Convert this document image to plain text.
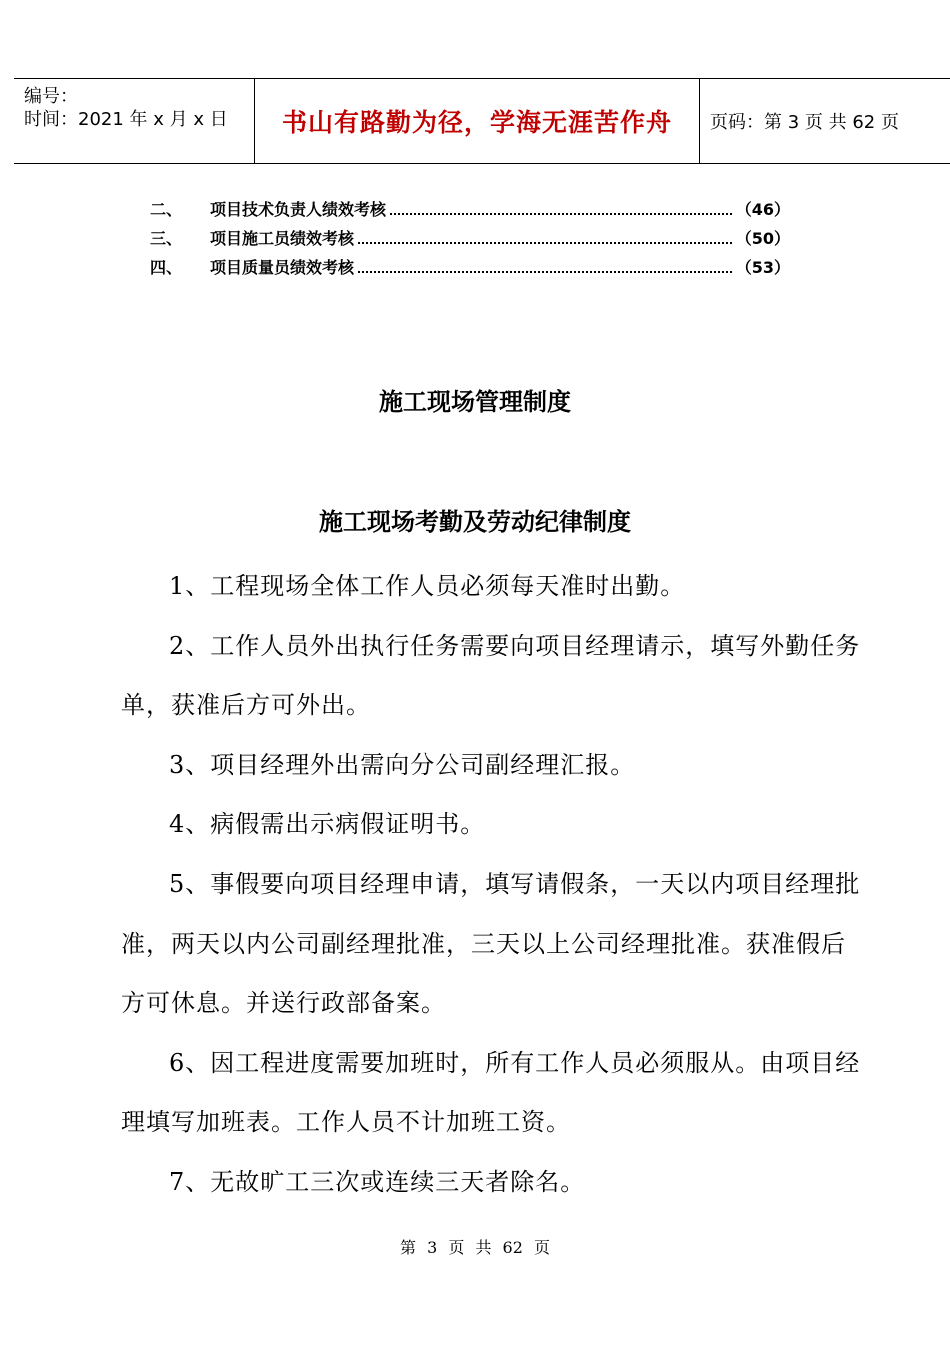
编号：
时间：2021 年 x 月 x 日	书山有路勤为径，学海无涯苦作舟 页码：第 3 页 共 62 页
二、	项目技术负责人绩效考核	（46）
三、	项目施工员绩效考核	（50）
四、	项目质量员绩效考核	（53）
施工现场管理制度
施工现场考勤及劳动纪律制度

1、工程现场全体工作人员必须每天准时出勤。

2、工作人员外出执行任务需要向项目经理请示，填写外勤任务单，获准后方可外出。

3、项目经理外出需向分公司副经理汇报。

4、病假需出示病假证明书。

5、事假要向项目经理申请，填写请假条，一天以内项目经理批准，两天以内公司副经理批准，三天以上公司经理批准。获准假后方可休息。并送行政部备案。

6、因工程进度需要加班时，所有工作人员必须服从。由项目经理填写加班表。工作人员不计加班工资。

7、无故旷工三次或连续三天者除名。

第 3 页 共 62 页
